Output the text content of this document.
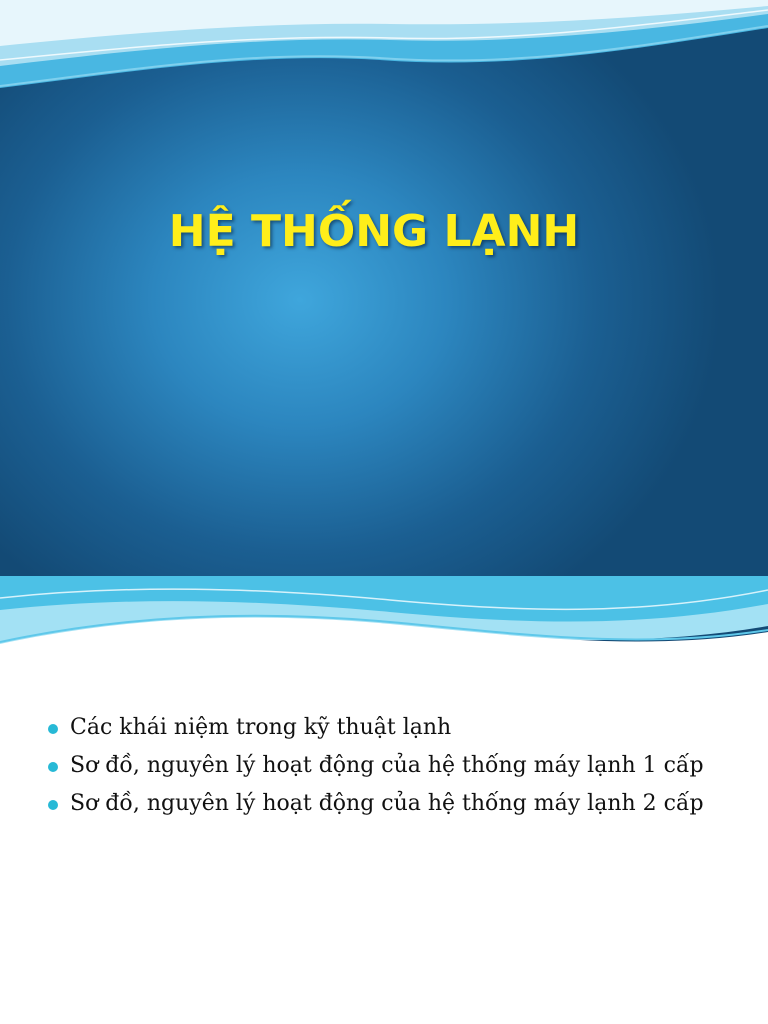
HỆ THỐNG LẠNH
Các khái niệm trong kỹ thuật lạnh
Sơ đồ, nguyên lý hoạt động của hệ thống máy lạnh 1 cấp
Sơ đồ, nguyên lý hoạt động của hệ thống máy lạnh 2 cấp
